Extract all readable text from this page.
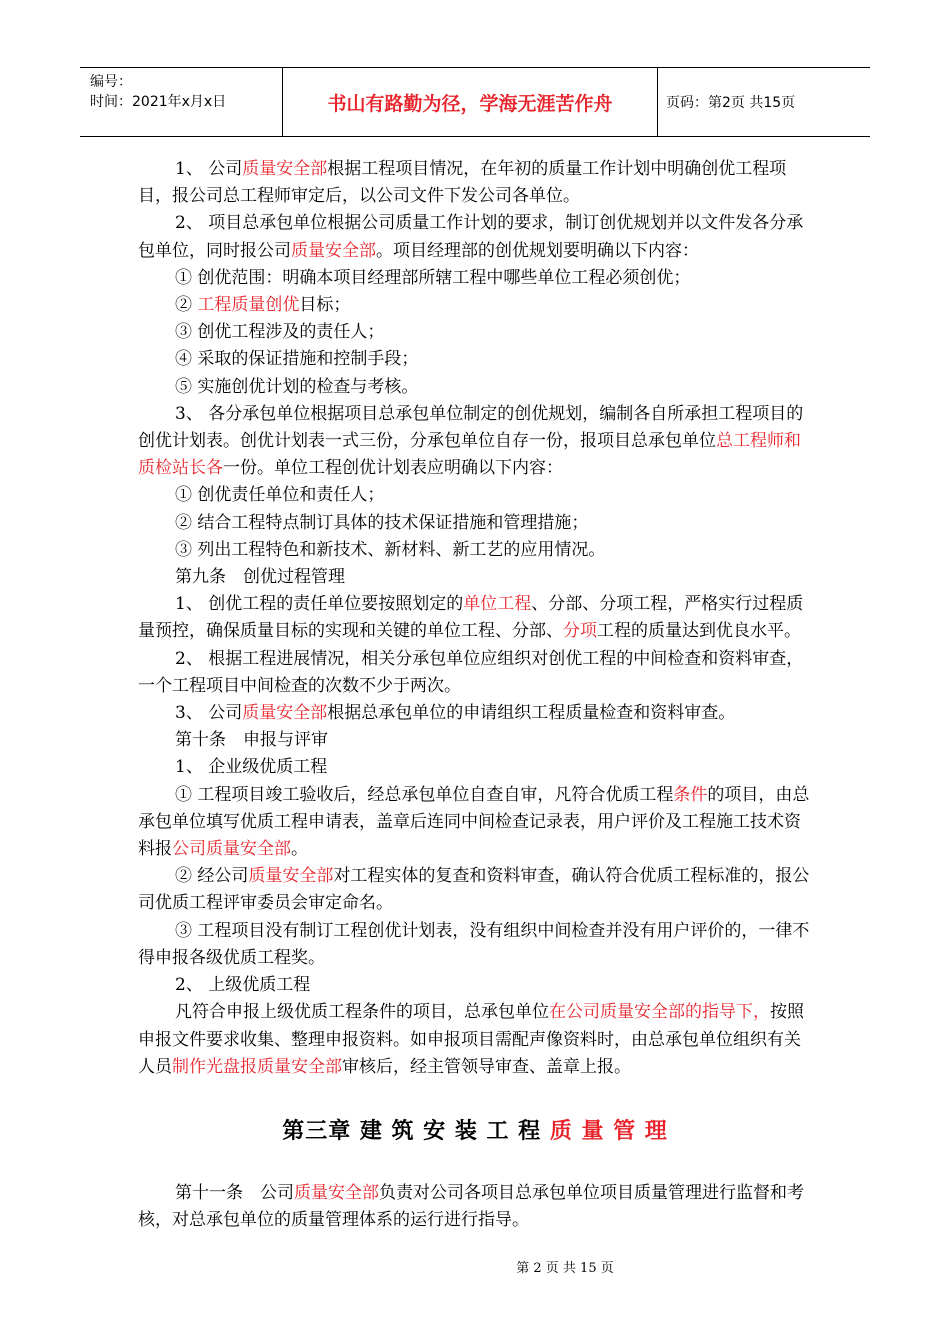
编号：
时间：2021年x月x日	书山有路勤为径，学海无涯苦作舟	页码：第2页 共15页

1、 公司质量安全部根据工程项目情况，在年初的质量工作计划中明确创优工程项目，报公司总工程师审定后，以公司文件下发公司各单位。

2、 项目总承包单位根据公司质量工作计划的要求，制订创优规划并以文件发各分承包单位，同时报公司质量安全部。项目经理部的创优规划要明确以下内容：

① 创优范围：明确本项目经理部所辖工程中哪些单位工程必须创优；

② 工程质量创优目标；

③ 创优工程涉及的责任人；

④ 采取的保证措施和控制手段；

⑤ 实施创优计划的检查与考核。

3、 各分承包单位根据项目总承包单位制定的创优规划，编制各自所承担工程项目的创优计划表。创优计划表一式三份，分承包单位自存一份，报项目总承包单位总工程师和质检站长各一份。单位工程创优计划表应明确以下内容：

① 创优责任单位和责任人；

② 结合工程特点制订具体的技术保证措施和管理措施；

③ 列出工程特色和新技术、新材料、新工艺的应用情况。

第九条　创优过程管理

1、 创优工程的责任单位要按照划定的单位工程、分部、分项工程，严格实行过程质量预控，确保质量目标的实现和关键的单位工程、分部、分项工程的质量达到优良水平。

2、 根据工程进展情况，相关分承包单位应组织对创优工程的中间检查和资料审查，一个工程项目中间检查的次数不少于两次。

3、 公司质量安全部根据总承包单位的申请组织工程质量检查和资料审查。

第十条　申报与评审

1、 企业级优质工程

① 工程项目竣工验收后，经总承包单位自查自审，凡符合优质工程条件的项目，由总承包单位填写优质工程申请表，盖章后连同中间检查记录表，用户评价及工程施工技术资料报公司质量安全部。

② 经公司质量安全部对工程实体的复查和资料审查，确认符合优质工程标准的，报公司优质工程评审委员会审定命名。

③ 工程项目没有制订工程创优计划表，没有组织中间检查并没有用户评价的，一律不得申报各级优质工程奖。

2、 上级优质工程

凡符合申报上级优质工程条件的项目，总承包单位在公司质量安全部的指导下，按照申报文件要求收集、整理申报资料。如申报项目需配声像资料时，由总承包单位组织有关人员制作光盘报质量安全部审核后，经主管领导审查、盖章上报。

第三章 建 筑 安 装 工 程 质 量 管 理

第十一条　公司质量安全部负责对公司各项目总承包单位项目质量管理进行监督和考核，对总承包单位的质量管理体系的运行进行指导。

第 2 页 共 15 页
